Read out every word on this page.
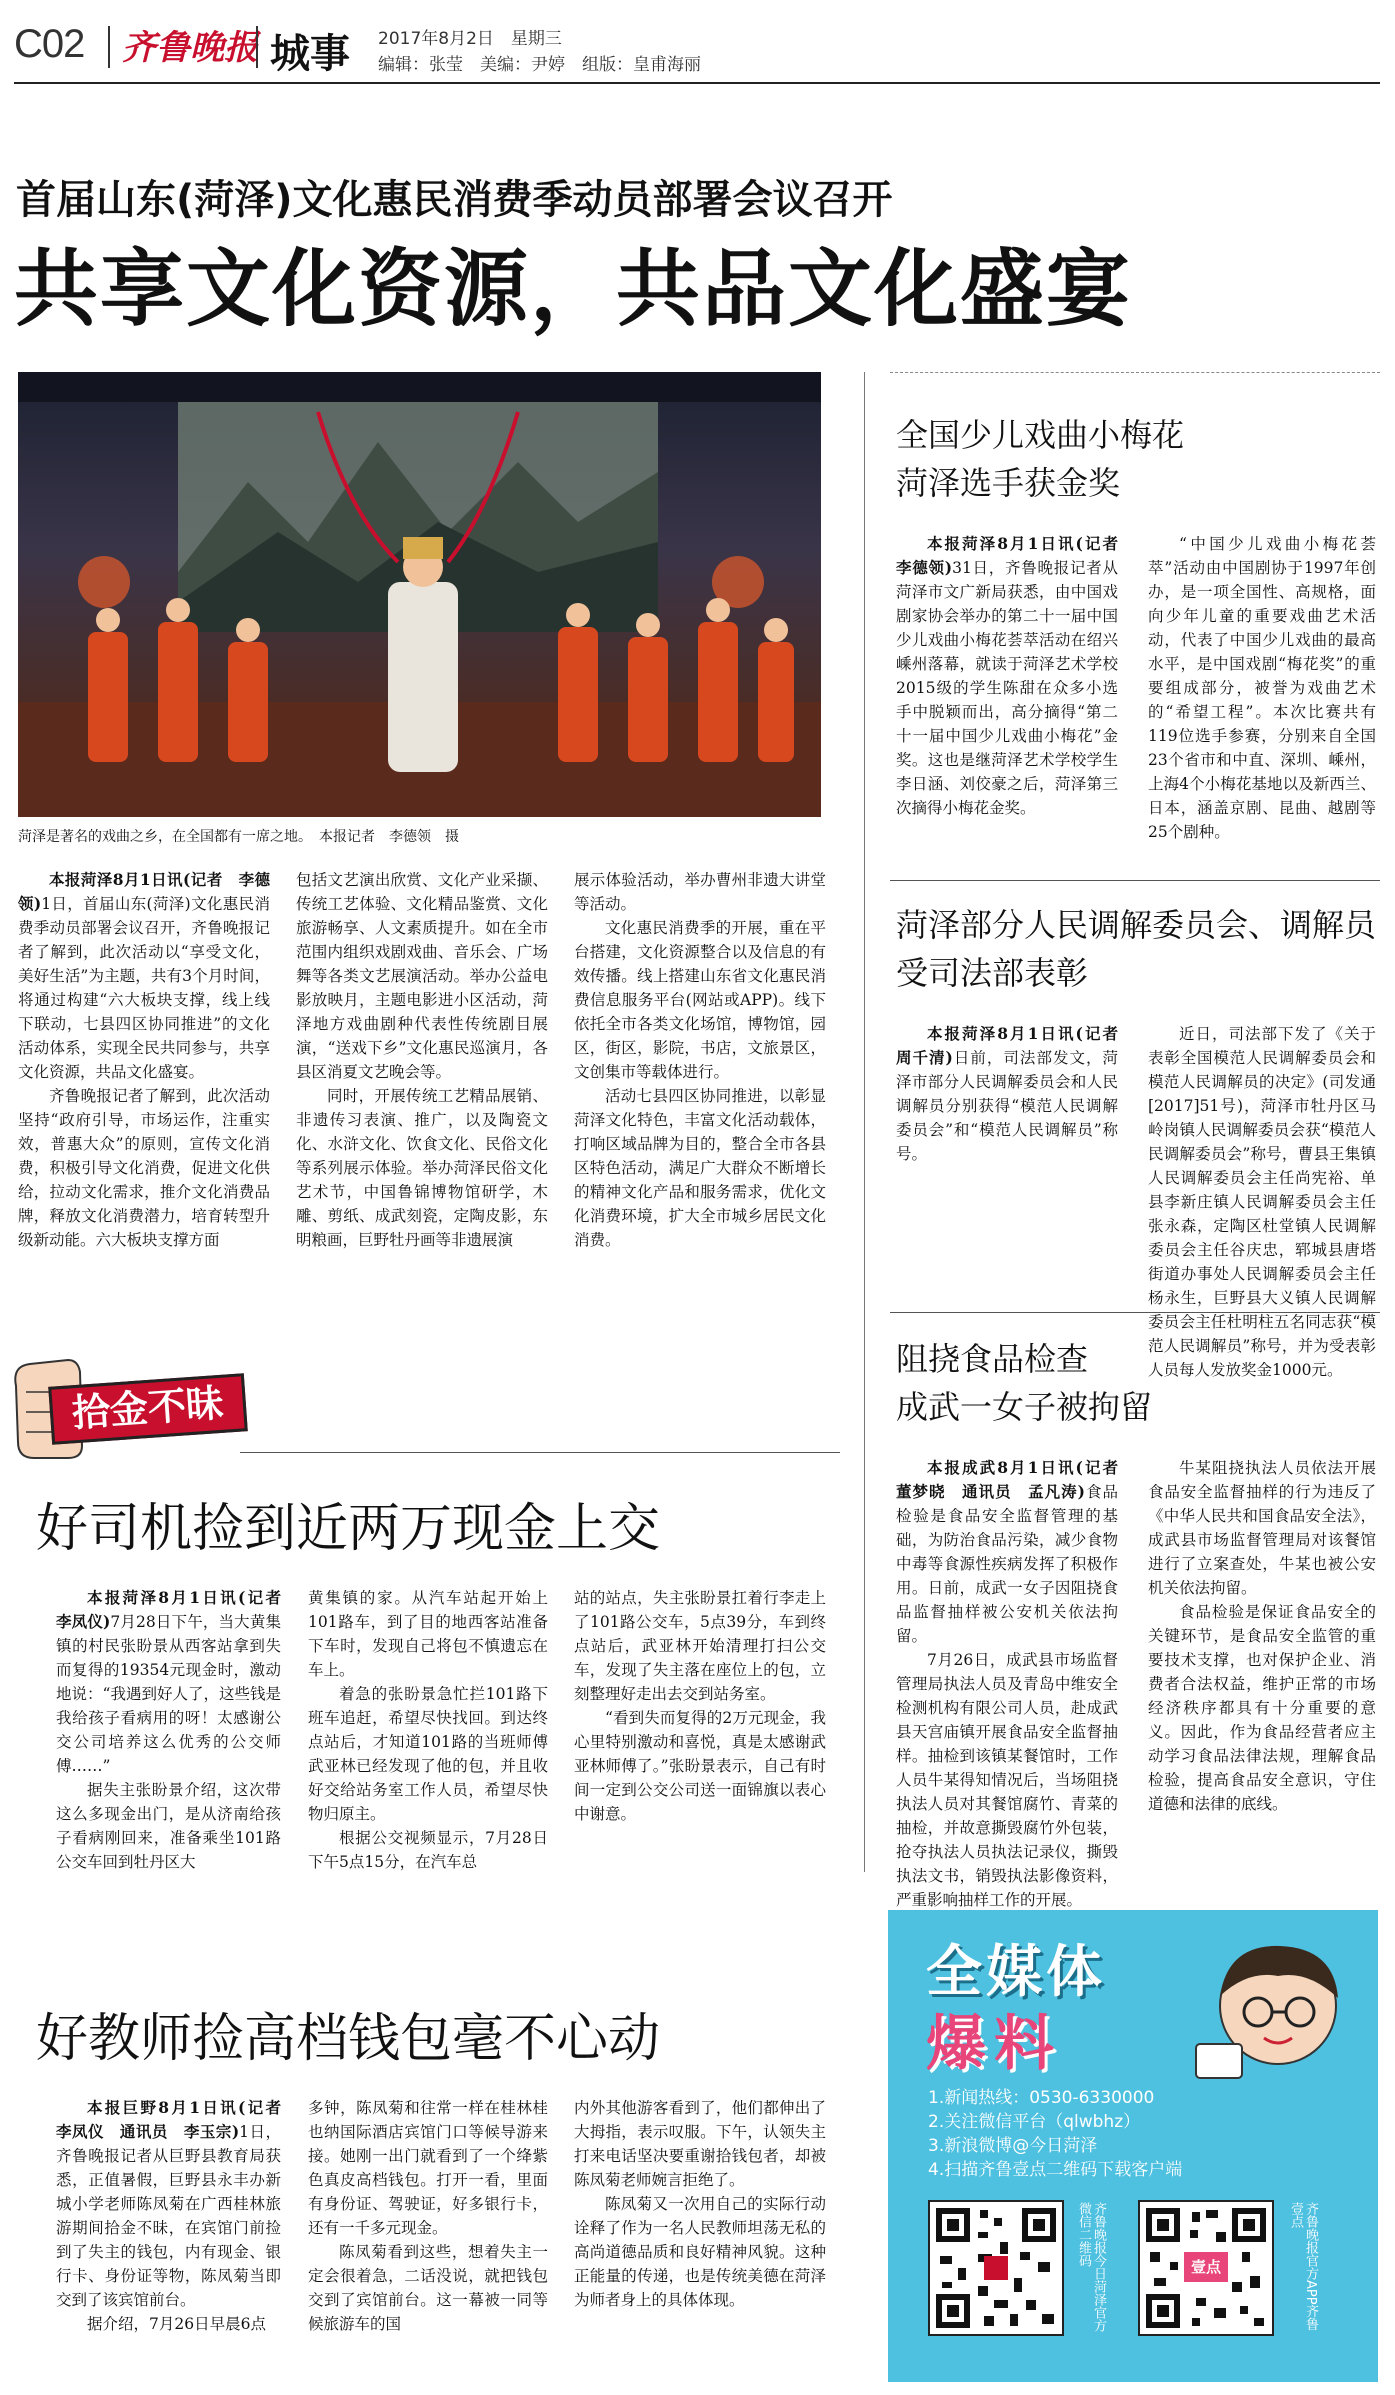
C02 齐鲁晚报 城事 2017年8月2日　星期三
编辑：张莹　美编：尹婷　组版：皇甫海丽
首届山东(菏泽)文化惠民消费季动员部署会议召开
共享文化资源，共品文化盛宴
菏泽是著名的戏曲之乡，在全国都有一席之地。　本报记者　李德领　摄

本报菏泽8月1日讯(记者　李德领)1日，首届山东(菏泽)文化惠民消费季动员部署会议召开，齐鲁晚报记者了解到，此次活动以“享受文化，美好生活”为主题，共有3个月时间，将通过构建“六大板块支撑，线上线下联动，七县四区协同推进”的文化活动体系，实现全民共同参与，共享文化资源，共品文化盛宴。

齐鲁晚报记者了解到，此次活动坚持“政府引导，市场运作，注重实效，普惠大众”的原则，宣传文化消费，积极引导文化消费，促进文化供给，拉动文化需求，推介文化消费品牌，释放文化消费潜力，培育转型升级新动能。六大板块支撑方面

包括文艺演出欣赏、文化产业采撷、传统工艺体验、文化精品鉴赏、文化旅游畅享、人文素质提升。如在全市范围内组织戏剧戏曲、音乐会、广场舞等各类文艺展演活动。举办公益电影放映月，主题电影进小区活动，菏泽地方戏曲剧种代表性传统剧目展演，“送戏下乡”文化惠民巡演月，各县区消夏文艺晚会等。

同时，开展传统工艺精品展销、非遗传习表演、推广，以及陶瓷文化、水浒文化、饮食文化、民俗文化等系列展示体验。举办菏泽民俗文化艺术节，中国鲁锦博物馆研学，木雕、剪纸、成武刻瓷，定陶皮影，东明粮画，巨野牡丹画等非遗展演

展示体验活动，举办曹州非遗大讲堂等活动。

文化惠民消费季的开展，重在平台搭建，文化资源整合以及信息的有效传播。线上搭建山东省文化惠民消费信息服务平台(网站或APP)。线下依托全市各类文化场馆，博物馆，园区，街区，影院，书店，文旅景区，文创集市等载体进行。

活动七县四区协同推进，以彰显菏泽文化特色，丰富文化活动载体，打响区域品牌为目的，整合全市各县区特色活动，满足广大群众不断增长的精神文化产品和服务需求，优化文化消费环境，扩大全市城乡居民文化消费。

全国少儿戏曲小梅花
菏泽选手获金奖

本报菏泽8月1日讯(记者　李德领)31日，齐鲁晚报记者从菏泽市文广新局获悉，由中国戏剧家协会举办的第二十一届中国少儿戏曲小梅花荟萃活动在绍兴嵊州落幕，就读于菏泽艺术学校2015级的学生陈甜在众多小选手中脱颖而出，高分摘得“第二十一届中国少儿戏曲小梅花”金奖。这也是继菏泽艺术学校学生李日涵、刘佼豪之后，菏泽第三次摘得小梅花金奖。

“中国少儿戏曲小梅花荟萃”活动由中国剧协于1997年创办，是一项全国性、高规格，面向少年儿童的重要戏曲艺术活动，代表了中国少儿戏曲的最高水平，是中国戏剧“梅花奖”的重要组成部分，被誉为戏曲艺术的“希望工程”。本次比赛共有119位选手参赛，分别来自全国23个省市和中直、深圳、嵊州，上海4个小梅花基地以及新西兰、日本，涵盖京剧、昆曲、越剧等25个剧种。

菏泽部分人民调解委员会、调解员
受司法部表彰

本报菏泽8月1日讯(记者　周千清)日前，司法部发文，菏泽市部分人民调解委员会和人民调解员分别获得“模范人民调解委员会”和“模范人民调解员”称号。

近日，司法部下发了《关于表彰全国模范人民调解委员会和模范人民调解员的决定》(司发通[2017]51号)，菏泽市牡丹区马岭岗镇人民调解委员会获“模范人民调解委员会”称号，曹县王集镇人民调解委员会主任尚宪裕、单县李新庄镇人民调解委员会主任张永森，定陶区杜堂镇人民调解委员会主任谷庆忠，郓城县唐塔街道办事处人民调解委员会主任杨永生，巨野县大义镇人民调解委员会主任杜明柱五名同志获“模范人民调解员”称号，并为受表彰人员每人发放奖金1000元。

阻挠食品检查
成武一女子被拘留

本报成武8月1日讯(记者　董梦晓　通讯员　孟凡涛)食品检验是食品安全监督管理的基础，为防治食品污染，减少食物中毒等食源性疾病发挥了积极作用。日前，成武一女子因阻挠食品监督抽样被公安机关依法拘留。

7月26日，成武县市场监督管理局执法人员及青岛中维安全检测机构有限公司人员，赴成武县天宫庙镇开展食品安全监督抽样。抽检到该镇某餐馆时，工作人员牛某得知情况后，当场阻挠执法人员对其餐馆腐竹、青菜的抽检，并故意撕毁腐竹外包装，抢夺执法人员执法记录仪，撕毁执法文书，销毁执法影像资料，严重影响抽样工作的开展。

牛某阻挠执法人员依法开展食品安全监督抽样的行为违反了《中华人民共和国食品安全法》，成武县市场监督管理局对该餐馆进行了立案查处，牛某也被公安机关依法拘留。

食品检验是保证食品安全的关键环节，是食品安全监管的重要技术支撑，也对保护企业、消费者合法权益，维护正常的市场经济秩序都具有十分重要的意义。因此，作为食品经营者应主动学习食品法律法规，理解食品检验，提高食品安全意识，守住道德和法律的底线。

拾金不昧
好司机捡到近两万现金上交

本报菏泽8月1日讯(记者　李凤仪)7月28日下午，当大黄集镇的村民张盼景从西客站拿到失而复得的19354元现金时，激动地说：“我遇到好人了，这些钱是我给孩子看病用的呀！太感谢公交公司培养这么优秀的公交师傅……”

据失主张盼景介绍，这次带这么多现金出门，是从济南给孩子看病刚回来，准备乘坐101路公交车回到牡丹区大

黄集镇的家。从汽车站起开始上101路车，到了目的地西客站准备下车时，发现自己将包不慎遗忘在车上。

着急的张盼景急忙拦101路下班车追赶，希望尽快找回。到达终点站后，才知道101路的当班师傅武亚林已经发现了他的包，并且收好交给站务室工作人员，希望尽快物归原主。

根据公交视频显示，7月28日下午5点15分，在汽车总

站的站点，失主张盼景扛着行李走上了101路公交车，5点39分，车到终点站后，武亚林开始清理打扫公交车，发现了失主落在座位上的包，立刻整理好走出去交到站务室。

“看到失而复得的2万元现金，我心里特别激动和喜悦，真是太感谢武亚林师傅了。”张盼景表示，自己有时间一定到公交公司送一面锦旗以表心中谢意。

好教师捡高档钱包毫不心动

本报巨野8月1日讯(记者　李凤仪　通讯员　李玉宗)1日，齐鲁晚报记者从巨野县教育局获悉，正值暑假，巨野县永丰办新城小学老师陈凤菊在广西桂林旅游期间拾金不昧，在宾馆门前捡到了失主的钱包，内有现金、银行卡、身份证等物，陈凤菊当即交到了该宾馆前台。

据介绍，7月26日早晨6点

多钟，陈凤菊和往常一样在桂林桂也纳国际酒店宾馆门口等候导游来接。她刚一出门就看到了一个绛紫色真皮高档钱包。打开一看，里面有身份证、驾驶证，好多银行卡，还有一千多元现金。

陈凤菊看到这些，想着失主一定会很着急，二话没说，就把钱包交到了宾馆前台。这一幕被一同等候旅游车的国

内外其他游客看到了，他们都伸出了大拇指，表示叹服。下午，认领失主打来电话坚决要重谢拾钱包者，却被陈凤菊老师婉言拒绝了。

陈凤菊又一次用自己的实际行动诠释了作为一名人民教师坦荡无私的高尚道德品质和良好精神风貌。这种正能量的传递，也是传统美德在菏泽为师者身上的具体体现。

全媒体
爆料
1.新闻热线：0530-6330000
2.关注微信平台（qlwbhz）
3.新浪微博@今日菏泽
4.扫描齐鲁壹点二维码下载客户端
齐鲁晚报今日菏泽官方微信二维码	壹点	齐鲁晚报官方APP齐鲁壹点
